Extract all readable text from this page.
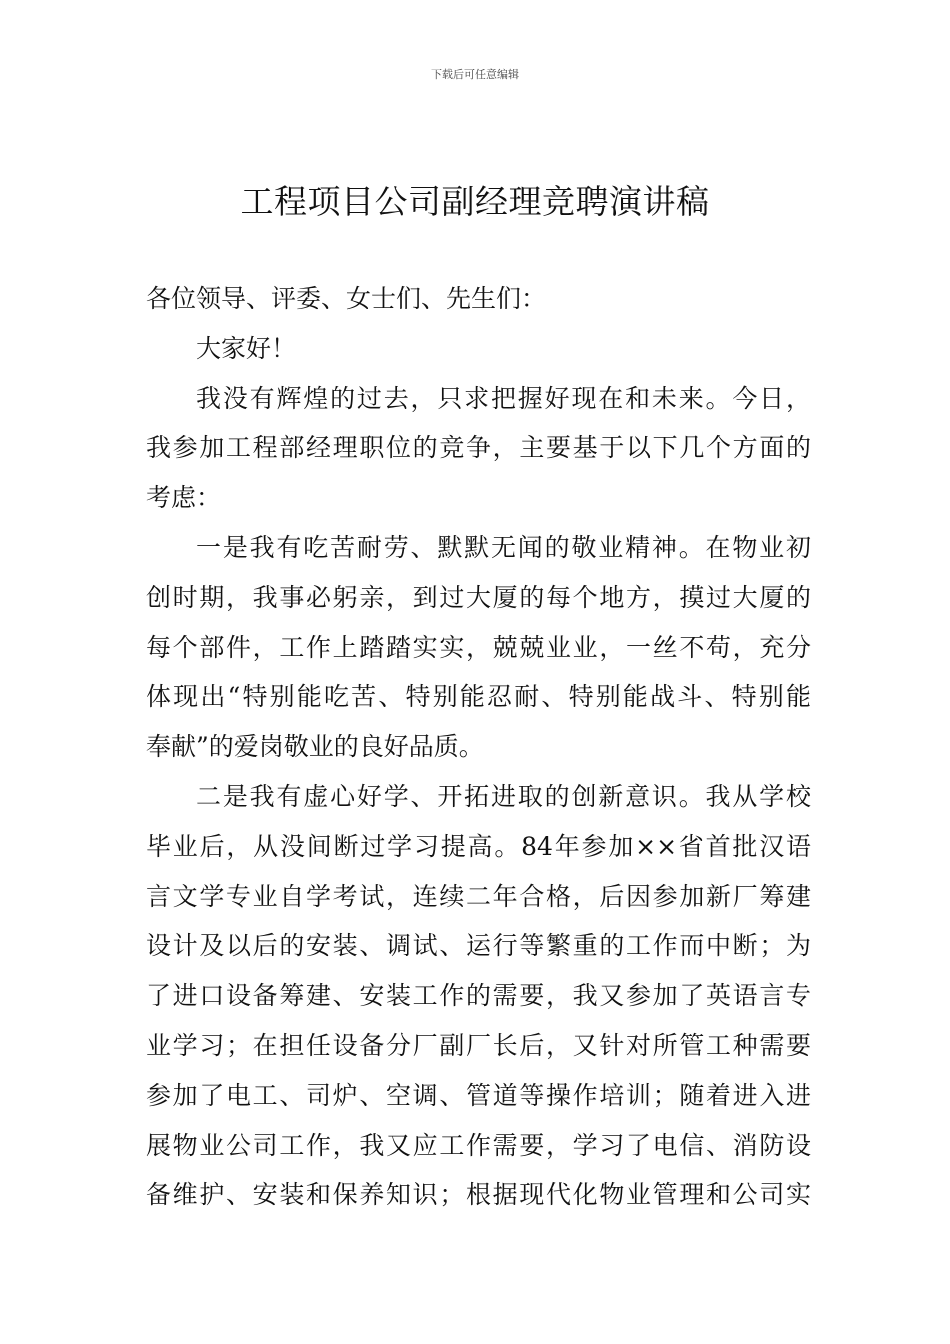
下载后可任意编辑
工程项目公司副经理竞聘演讲稿
各位领导、评委、女士们、先生们：
大家好！
我没有辉煌的过去，只求把握好现在和未来。今日，
我参加工程部经理职位的竞争，主要基于以下几个方面的
考虑：
一是我有吃苦耐劳、默默无闻的敬业精神。在物业初
创时期，我事必躬亲，到过大厦的每个地方，摸过大厦的
每个部件，工作上踏踏实实，兢兢业业，一丝不苟，充分
体现出“特别能吃苦、特别能忍耐、特别能战斗、特别能
奉献”的爱岗敬业的良好品质。
二是我有虚心好学、开拓进取的创新意识。我从学校
毕业后，从没间断过学习提高。84年参加××省首批汉语
言文学专业自学考试，连续二年合格，后因参加新厂筹建
设计及以后的安装、调试、运行等繁重的工作而中断；为
了进口设备筹建、安装工作的需要，我又参加了英语言专
业学习；在担任设备分厂副厂长后，又针对所管工种需要
参加了电工、司炉、空调、管道等操作培训；随着进入进
展物业公司工作，我又应工作需要，学习了电信、消防设
备维护、安装和保养知识；根据现代化物业管理和公司实
